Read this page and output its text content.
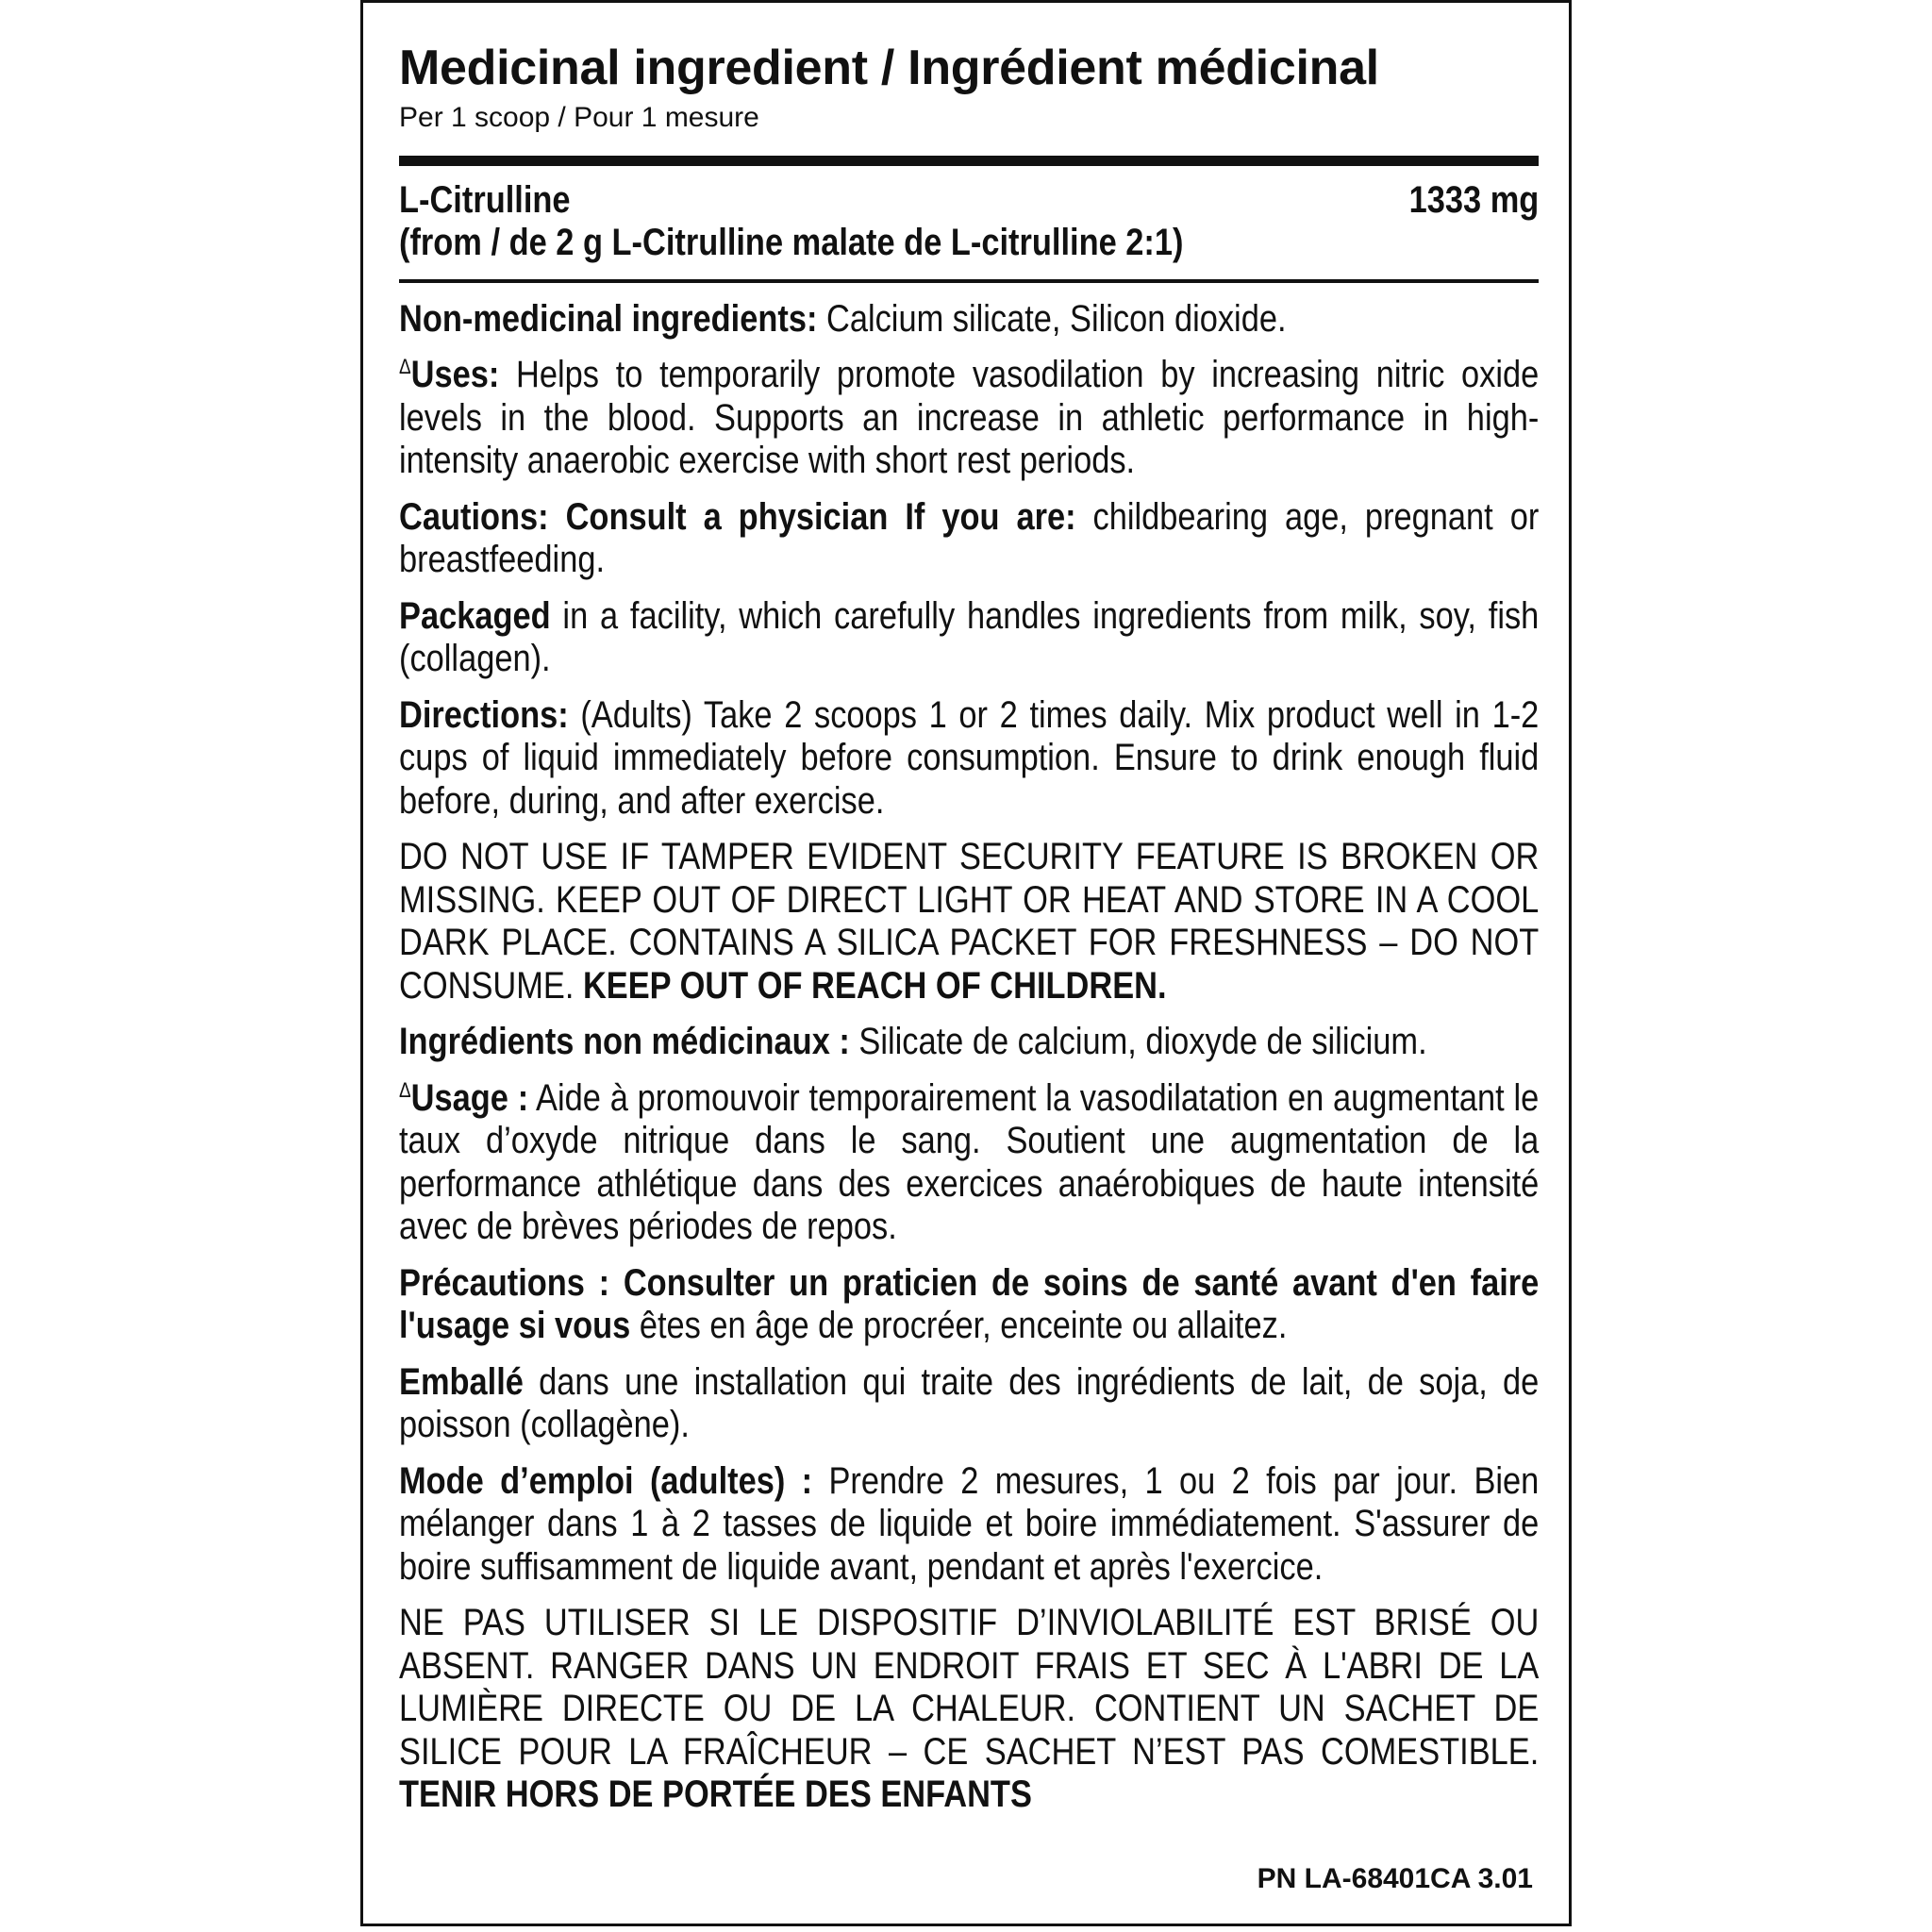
Medicinal ingredient / Ingrédient médicinal
Per 1 scoop / Pour 1 mesure
L-Citrulline	1333 mg
(from / de 2 g L-Citrulline malate de L-citrulline 2:1)

Non-medicinal ingredients: Calcium silicate, Silicon dioxide.

$^\Delta$Uses: Helps to temporarily promote vasodilation by increasing nitric oxide levels in the blood. Supports an increase in athletic performance in high-intensity anaerobic exercise with short rest periods.

Cautions: Consult a physician If you are: childbearing age, pregnant or breastfeeding.

Packaged in a facility, which carefully handles ingredients from milk, soy, fish (collagen).

Directions: (Adults) Take 2 scoops 1 or 2 times daily. Mix product well in 1-2 cups of liquid immediately before consumption. Ensure to drink enough fluid before, during, and after exercise.

DO NOT USE IF TAMPER EVIDENT SECURITY FEATURE IS BROKEN OR MISSING. KEEP OUT OF DIRECT LIGHT OR HEAT AND STORE IN A COOL DARK PLACE. CONTAINS A SILICA PACKET FOR FRESHNESS – DO NOT CONSUME. KEEP OUT OF REACH OF CHILDREN.

Ingrédients non médicinaux : Silicate de calcium, dioxyde de silicium.

$^\Delta$Usage : Aide à promouvoir temporairement la vasodilatation en augmentant le taux d’oxyde nitrique dans le sang. Soutient une augmentation de la performance athlétique dans des exercices anaérobiques de haute intensité avec de brèves périodes de repos.

Précautions : Consulter un praticien de soins de santé avant d'en faire l'usage si vous êtes en âge de procréer, enceinte ou allaitez.

Emballé dans une installation qui traite des ingrédients de lait, de soja, de poisson (collagène).

Mode d’emploi (adultes) : Prendre 2 mesures, 1 ou 2 fois par jour. Bien mélanger dans 1 à 2 tasses de liquide et boire immédiatement. S'assurer de boire suffisamment de liquide avant, pendant et après l'exercice.

NE PAS UTILISER SI LE DISPOSITIF D’INVIOLABILITÉ EST BRISÉ OU ABSENT. RANGER DANS UN ENDROIT FRAIS ET SEC À L'ABRI DE LA LUMIÈRE DIRECTE OU DE LA CHALEUR. CONTIENT UN SACHET DE SILICE POUR LA FRAÎCHEUR – CE SACHET N’EST PAS COMESTIBLE. TENIR HORS DE PORTÉE DES ENFANTS

PN LA-68401CA 3.01
